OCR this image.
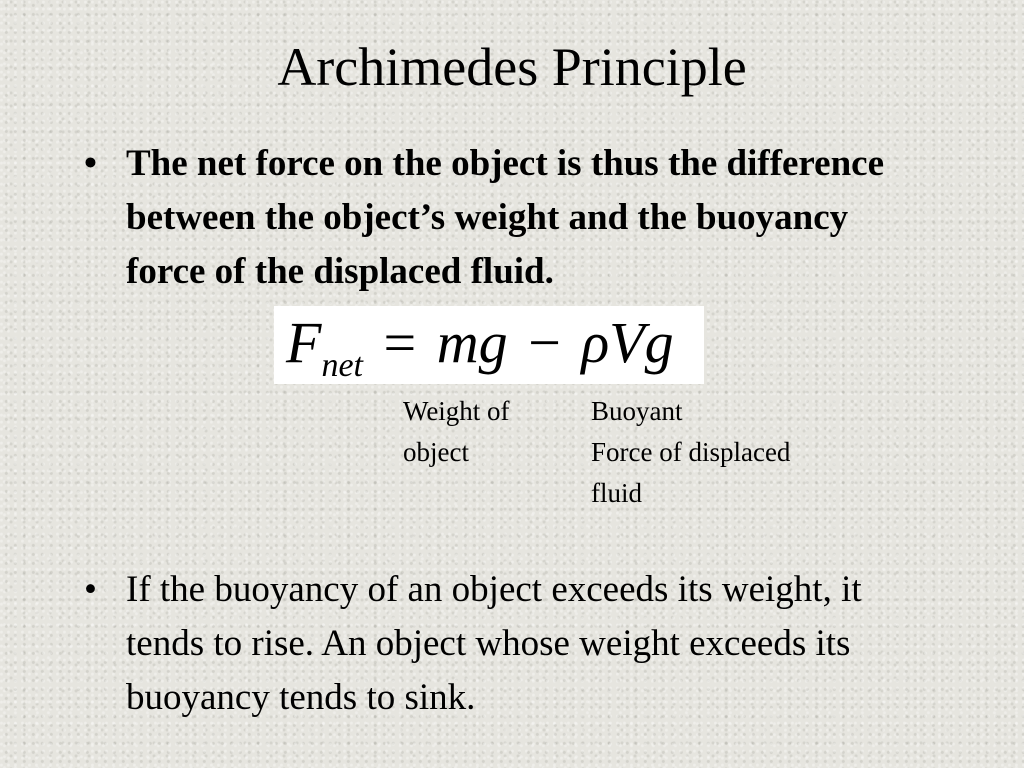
Archimedes Principle
• The net force on the object is thus the difference between the object’s weight and the buoyancy force of the displaced fluid.
$F_{net}$ = mg − ρVg
Weight of
object
Buoyant
Force of displaced
fluid
• If the buoyancy of an object exceeds its weight, it tends to rise. An object whose weight exceeds its buoyancy tends to sink.
